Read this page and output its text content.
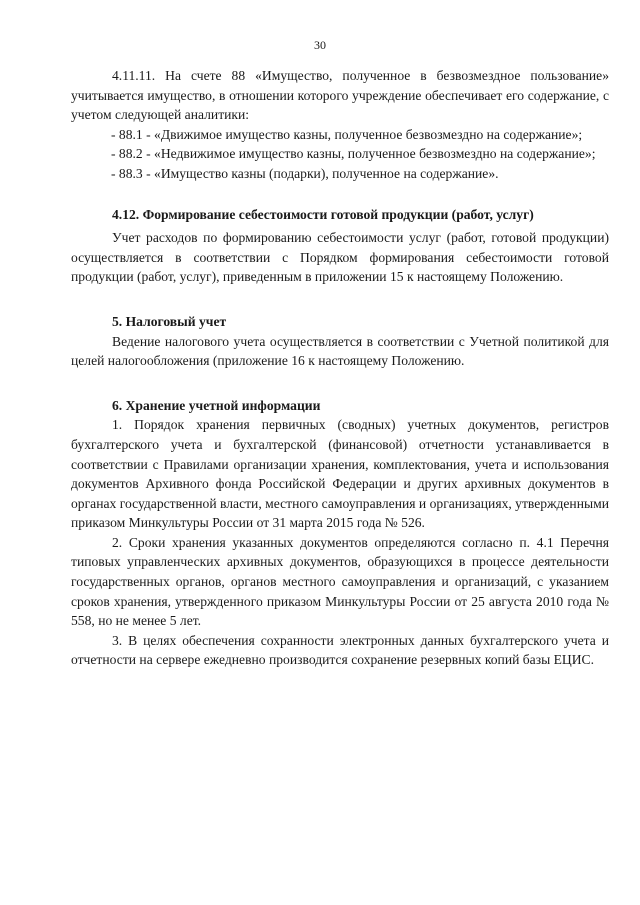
30

4.11.11. На счете 88 «Имущество, полученное в безвозмездное пользование» учитывается имущество, в отношении которого учреждение обеспечивает его содержание, с учетом следующей аналитики:

- 88.1 - «Движимое имущество казны, полученное безвозмездно на содержание»;

- 88.2 - «Недвижимое имущество казны, полученное безвозмездно на содержание»;

- 88.3 - «Имущество казны (подарки), полученное на содержание».

4.12. Формирование себестоимости готовой продукции (работ, услуг)

Учет расходов по формированию себестоимости услуг (работ, готовой продукции) осуществляется в соответствии с Порядком формирования себестоимости готовой продукции (работ, услуг), приведенным в приложении 15 к настоящему Положению.

5. Налоговый учет

Ведение налогового учета осуществляется в соответствии с Учетной политикой для целей налогообложения (приложение 16 к настоящему Положению.

6. Хранение учетной информации

1. Порядок хранения первичных (сводных) учетных документов, регистров бухгалтерского учета и бухгалтерской (финансовой) отчетности устанавливается в соответствии с Правилами организации хранения, комплектования, учета и использования документов Архивного фонда Российской Федерации и других архивных документов в органах государственной власти, местного самоуправления и организациях, утвержденными приказом Минкультуры России от 31 марта 2015 года № 526.

2. Сроки хранения указанных документов определяются согласно п. 4.1 Перечня типовых управленческих архивных документов, образующихся в процессе деятельности государственных органов, органов местного самоуправления и организаций, с указанием сроков хранения, утвержденного приказом Минкультуры России от 25 августа 2010 года № 558, но не менее 5 лет.

3. В целях обеспечения сохранности электронных данных бухгалтерского учета и отчетности на сервере ежедневно производится сохранение резервных копий базы ЕЦИС.
